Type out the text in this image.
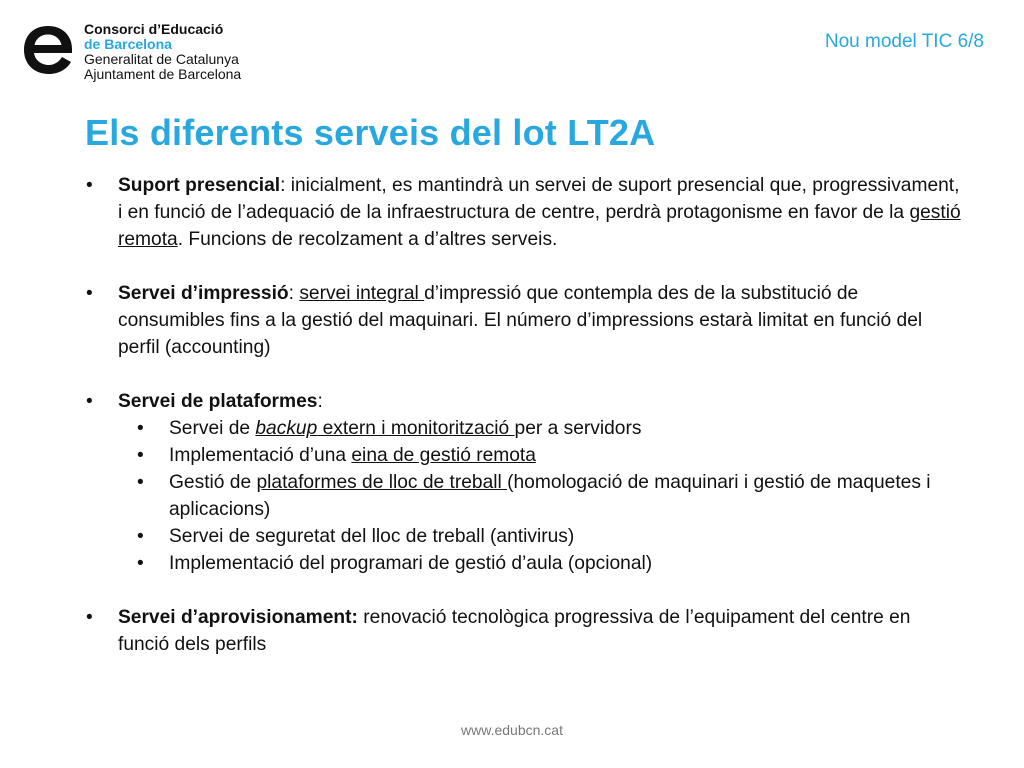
Consorci d’Educació
de Barcelona
Generalitat de Catalunya
Ajuntament de Barcelona
Nou model TIC 6/8
Els diferents serveis del lot LT2A
• Suport presencial: inicialment, es mantindrà un servei de suport presencial que, progressivament, i en funció de l’adequació de la infraestructura de centre, perdrà protagonisme en favor de la gestió remota. Funcions de recolzament a d’altres serveis.
• Servei d’impressió: servei integral d’impressió que contempla des de la substitució de consumibles fins a la gestió del maquinari. El número d’impressions estarà limitat en funció del perfil (accounting)
• Servei de plataformes:
• Servei de backup extern i monitorització per a servidors
• Implementació d’una eina de gestió remota
• Gestió de plataformes de lloc de treball (homologació de maquinari i gestió de maquetes i aplicacions)
• Servei de seguretat del lloc de treball (antivirus)
• Implementació del programari de gestió d’aula (opcional)
• Servei d’aprovisionament: renovació tecnològica progressiva de l’equipament del centre en funció dels perfils
www.edubcn.cat
